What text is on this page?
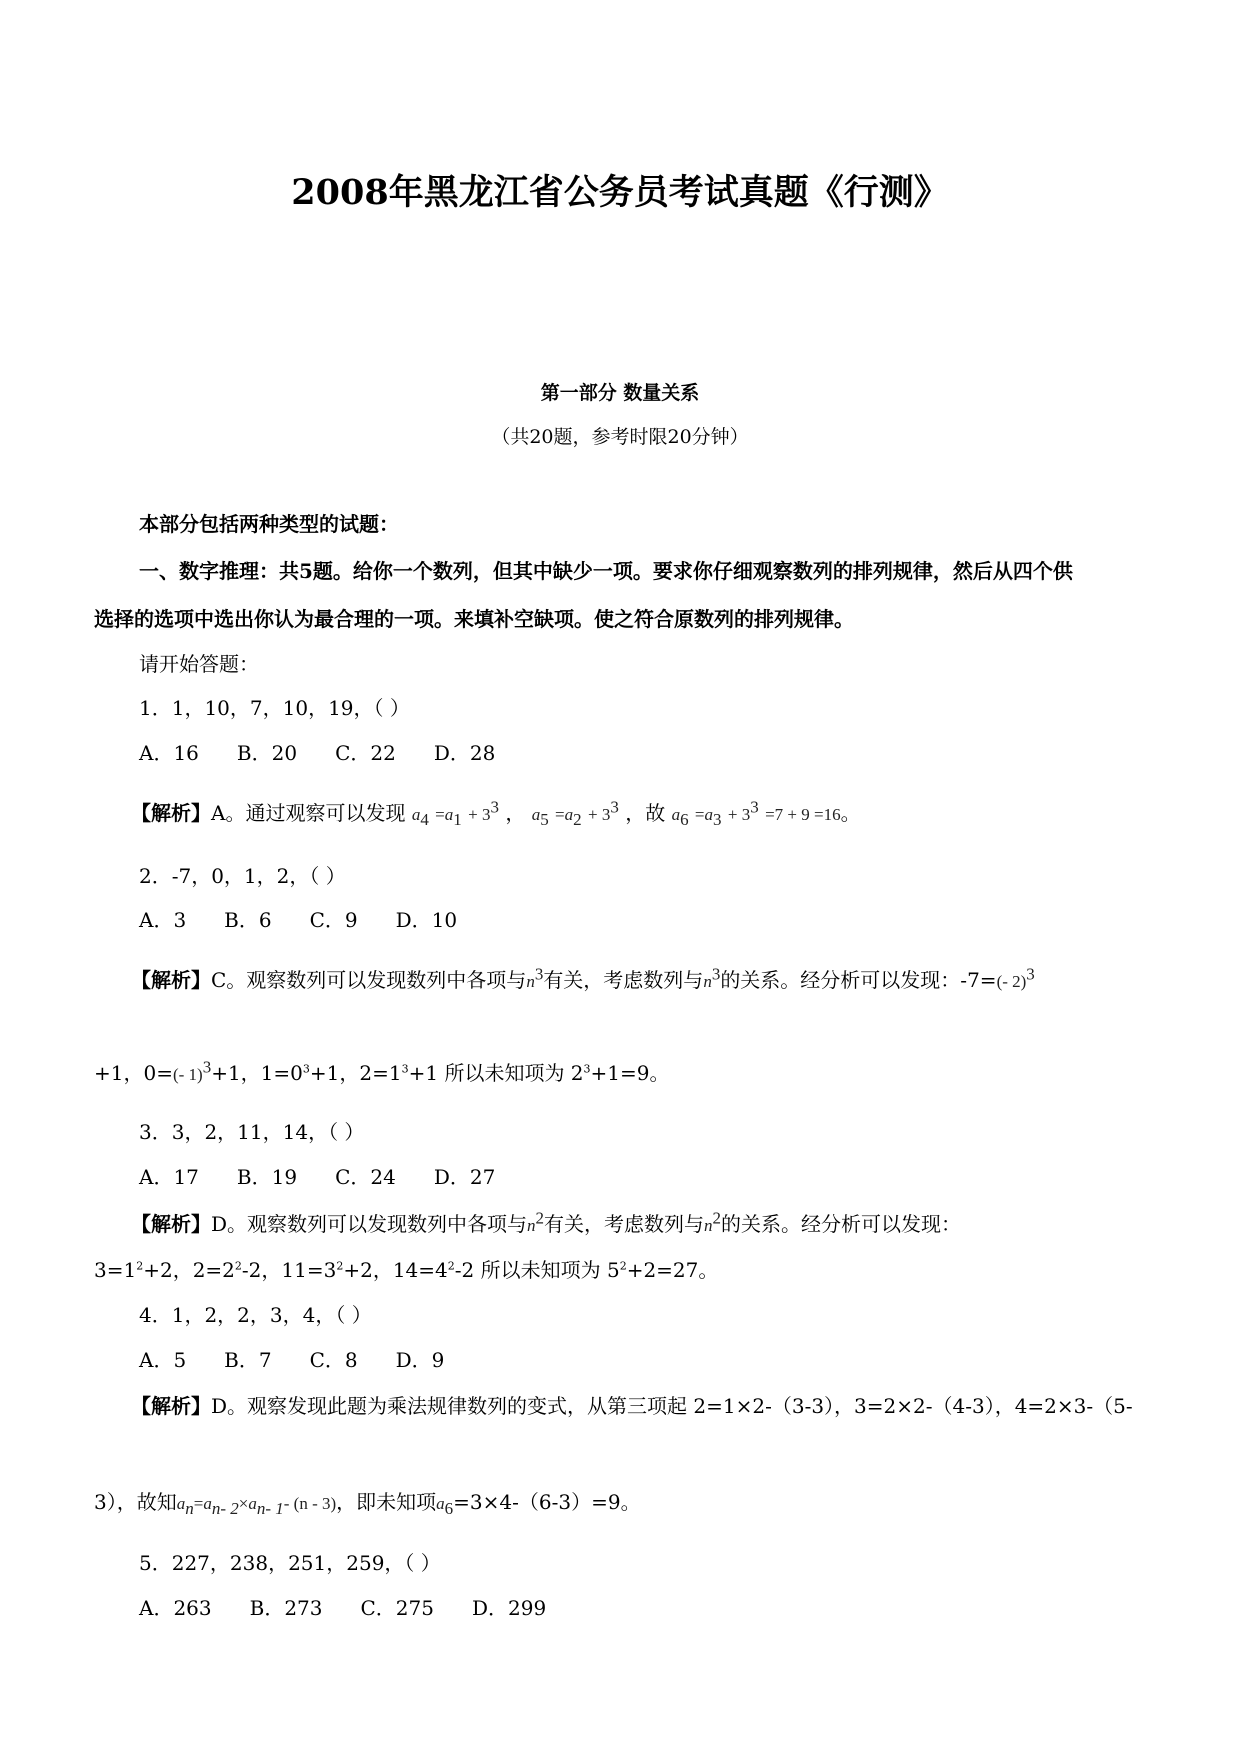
2008年黑龙江省公务员考试真题《行测》
第一部分 数量关系

（共20题，参考时限20分钟）

本部分包括两种类型的试题：
一、数字推理：共5题。给你一个数列，但其中缺少一项。要求你仔细观察数列的排列规律，然后从四个供
选择的选项中选出你认为最合理的一项。来填补空缺项。使之符合原数列的排列规律。
请开始答题：
1．1，10，7，10，19，（ ）
A．16 B．20 C．22 D．28
【解析】A。通过观察可以发现 $a_4 =a_1 + 3^3$ ， $a_5 =a_2 + 3^3$ ，故 $a_6 =a_3 + 3^3 =7 + 9 =16$。
2．-7，0，1，2，（ ）
A．3 B．6 C．9 D．10
【解析】C。观察数列可以发现数列中各项与$n^3$有关，考虑数列与$n^3$的关系。经分析可以发现：-7=(- 2)$^3$
+1，0=(- 1)$^3$+1，$1=0^3+1$，$2=1^3+1$ 所以未知项为 $2^3+1=9$。
3．3，2，11，14，（ ）
A．17 B．19 C．24 D．27
【解析】D。观察数列可以发现数列中各项与$n^2$有关，考虑数列与$n^2$的关系。经分析可以发现：
$3=1^2+2$，$2=2^2-2$，$11=3^2+2$，$14=4^2-2$ 所以未知项为 $5^2+2=27$。
4．1，2，2，3，4，（ ）
A．5 B．7 C．8 D．9
【解析】D。观察发现此题为乘法规律数列的变式，从第三项起 2=1×2-（3-3），3=2×2-（4-3），4=2×3-（5-
3），故知$a_n=a_{n- 2}\times a_{n- 1}-$ (n - 3)，即未知项$a_6=3\times 4-(6-3)=9$。
5．227，238，251，259，（ ）
A．263 B．273 C．275 D．299
